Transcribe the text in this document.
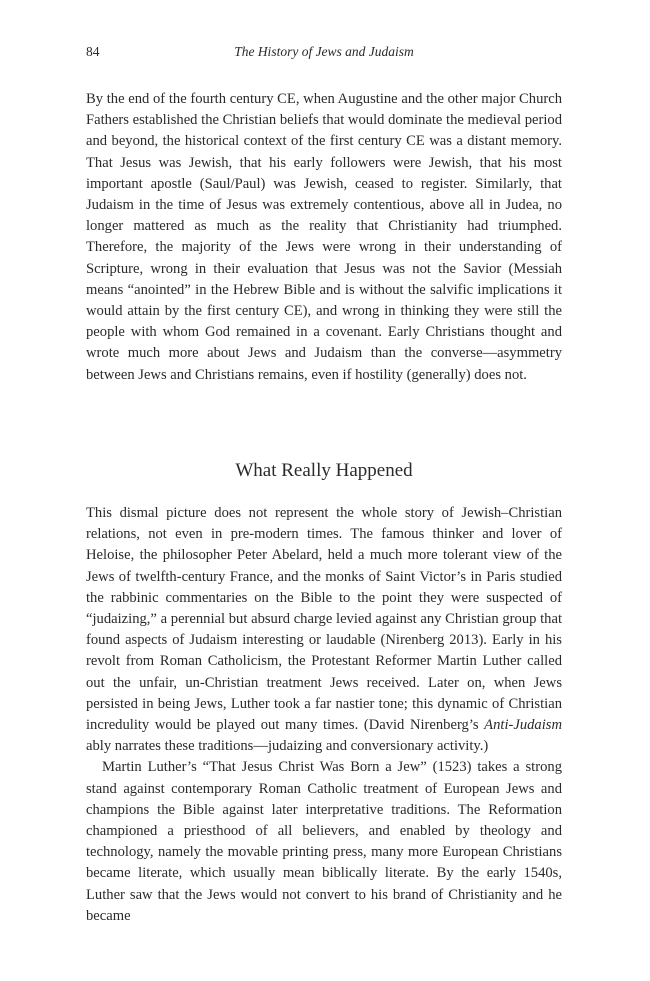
84	The History of Jews and Judaism

By the end of the fourth century CE, when Augustine and the other major Church Fathers established the Christian beliefs that would dominate the medieval period and beyond, the historical context of the first century CE was a distant memory. That Jesus was Jewish, that his early followers were Jewish, that his most important apostle (Saul/Paul) was Jewish, ceased to register. Similarly, that Judaism in the time of Jesus was extremely contentious, above all in Judea, no longer mattered as much as the reality that Christianity had triumphed. Therefore, the majority of the Jews were wrong in their understanding of Scripture, wrong in their evaluation that Jesus was not the Savior (Messiah means “anointed” in the Hebrew Bible and is without the salvific implications it would attain by the first century CE), and wrong in thinking they were still the people with whom God remained in a covenant. Early Christians thought and wrote much more about Jews and Judaism than the converse—asymmetry between Jews and Christians remains, even if hostility (generally) does not.

What Really Happened

This dismal picture does not represent the whole story of Jewish–Christian relations, not even in pre-modern times. The famous thinker and lover of Heloise, the philosopher Peter Abelard, held a much more tolerant view of the Jews of twelfth-century France, and the monks of Saint Victor’s in Paris studied the rabbinic commentaries on the Bible to the point they were suspected of “judaizing,” a perennial but absurd charge levied against any Christian group that found aspects of Judaism interesting or laudable (Nirenberg 2013). Early in his revolt from Roman Catholicism, the Protestant Reformer Martin Luther called out the unfair, un-Christian treatment Jews received. Later on, when Jews persisted in being Jews, Luther took a far nastier tone; this dynamic of Christian incredulity would be played out many times. (David Nirenberg’s Anti-Judaism ably narrates these traditions—judaizing and conversionary activity.)

Martin Luther’s “That Jesus Christ Was Born a Jew” (1523) takes a strong stand against contemporary Roman Catholic treatment of European Jews and champions the Bible against later interpretative traditions. The Reformation championed a priesthood of all believers, and enabled by theology and technology, namely the movable printing press, many more European Christians became literate, which usually mean biblically literate. By the early 1540s, Luther saw that the Jews would not convert to his brand of Christianity and he became
